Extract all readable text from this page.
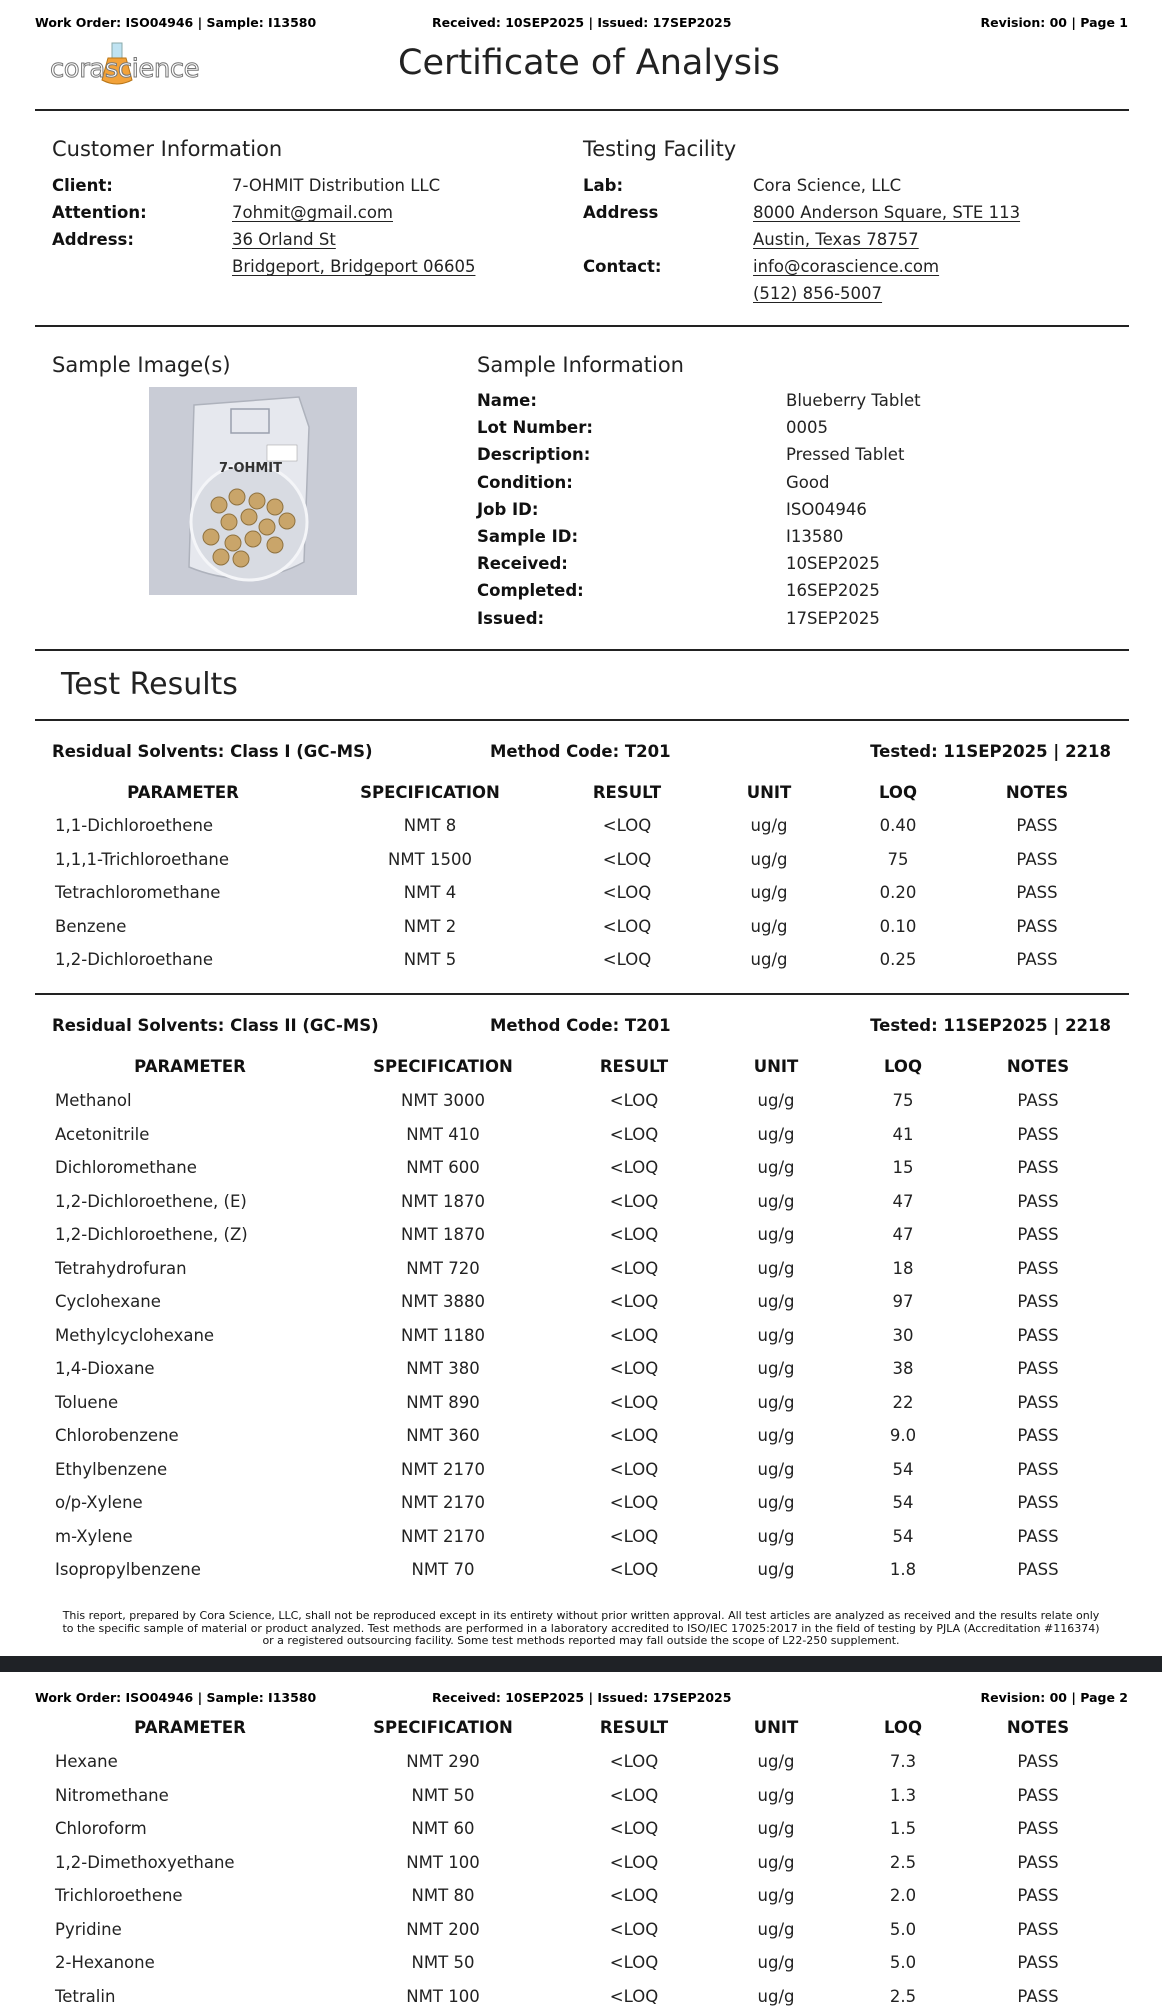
Work Order: ISO04946 | Sample: I13580	Received: 10SEP2025 | Issued: 17SEP2025	Revision: 00 | Page 1
corascience	Certificate of Analysis
Customer Information
Client:	7-OHMIT Distribution LLC
Attention:	7ohmit@gmail.com
Address:	36 Orland St
Bridgeport, Bridgeport 06605
Testing Facility
Lab:	Cora Science, LLC
Address	8000 Anderson Square, STE 113
Austin, Texas 78757
Contact:	info@corascience.com
(512) 856-5007
Sample Image(s)
7-OHMIT
Sample Information
Name:	Blueberry Tablet
Lot Number:	0005
Description:	Pressed Tablet
Condition:	Good
Job ID:	ISO04946
Sample ID:	I13580
Received:	10SEP2025
Completed:	16SEP2025
Issued:	17SEP2025
Test Results
Residual Solvents: Class I (GC-MS)	Method Code: T201	Tested: 11SEP2025 | 2218
PARAMETER	SPECIFICATION	RESULT	UNIT	LOQ	NOTES
1,1-Dichloroethene	NMT 8	<LOQ	ug/g	0.40	PASS
1,1,1-Trichloroethane	NMT 1500	<LOQ	ug/g	75	PASS
Tetrachloromethane	NMT 4	<LOQ	ug/g	0.20	PASS
Benzene	NMT 2	<LOQ	ug/g	0.10	PASS
1,2-Dichloroethane	NMT 5	<LOQ	ug/g	0.25	PASS
Residual Solvents: Class II (GC-MS)	Method Code: T201	Tested: 11SEP2025 | 2218
PARAMETER	SPECIFICATION	RESULT	UNIT	LOQ	NOTES
Methanol	NMT 3000	<LOQ	ug/g	75	PASS
Acetonitrile	NMT 410	<LOQ	ug/g	41	PASS
Dichloromethane	NMT 600	<LOQ	ug/g	15	PASS
1,2-Dichloroethene, (E)	NMT 1870	<LOQ	ug/g	47	PASS
1,2-Dichloroethene, (Z)	NMT 1870	<LOQ	ug/g	47	PASS
Tetrahydrofuran	NMT 720	<LOQ	ug/g	18	PASS
Cyclohexane	NMT 3880	<LOQ	ug/g	97	PASS
Methylcyclohexane	NMT 1180	<LOQ	ug/g	30	PASS
1,4-Dioxane	NMT 380	<LOQ	ug/g	38	PASS
Toluene	NMT 890	<LOQ	ug/g	22	PASS
Chlorobenzene	NMT 360	<LOQ	ug/g	9.0	PASS
Ethylbenzene	NMT 2170	<LOQ	ug/g	54	PASS
o/p-Xylene	NMT 2170	<LOQ	ug/g	54	PASS
m-Xylene	NMT 2170	<LOQ	ug/g	54	PASS
Isopropylbenzene	NMT 70	<LOQ	ug/g	1.8	PASS
This report, prepared by Cora Science, LLC, shall not be reproduced except in its entirety without prior written approval. All test articles are analyzed as received and the results relate only
to the specific sample of material or product analyzed. Test methods are performed in a laboratory accredited to ISO/IEC 17025:2017 in the field of testing by PJLA (Accreditation #116374)
or a registered outsourcing facility. Some test methods reported may fall outside the scope of L22-250 supplement.
Work Order: ISO04946 | Sample: I13580	Received: 10SEP2025 | Issued: 17SEP2025	Revision: 00 | Page 2
PARAMETER	SPECIFICATION	RESULT	UNIT	LOQ	NOTES
Hexane	NMT 290	<LOQ	ug/g	7.3	PASS
Nitromethane	NMT 50	<LOQ	ug/g	1.3	PASS
Chloroform	NMT 60	<LOQ	ug/g	1.5	PASS
1,2-Dimethoxyethane	NMT 100	<LOQ	ug/g	2.5	PASS
Trichloroethene	NMT 80	<LOQ	ug/g	2.0	PASS
Pyridine	NMT 200	<LOQ	ug/g	5.0	PASS
2-Hexanone	NMT 50	<LOQ	ug/g	5.0	PASS
Tetralin	NMT 100	<LOQ	ug/g	2.5	PASS
